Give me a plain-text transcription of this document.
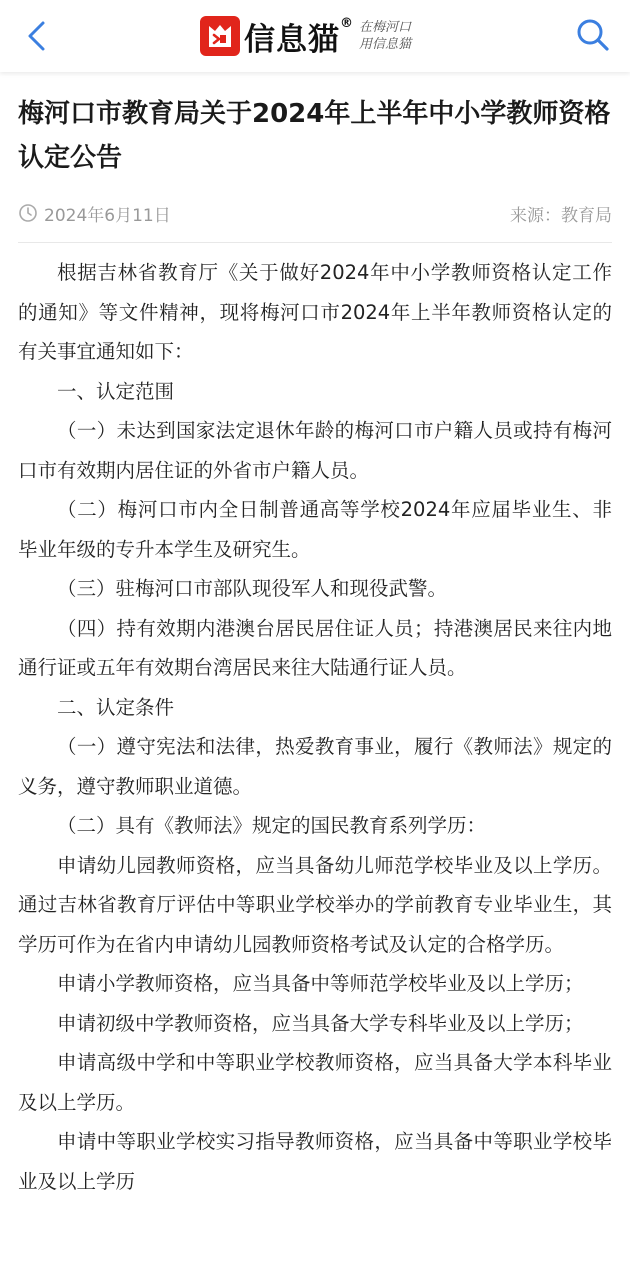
信息猫 ® 在梅河口
用信息猫
梅河口市教育局关于2024年上半年中小学教师资格认定公告
2024年6月11日	来源： 教育局

根据吉林省教育厅《关于做好2024年中小学教师资格认定工作的通知》等文件精神，现将梅河口市2024年上半年教师资格认定的有关事宜通知如下：

一、认定范围

（一）未达到国家法定退休年龄的梅河口市户籍人员或持有梅河口市有效期内居住证的外省市户籍人员。

（二）梅河口市内全日制普通高等学校2024年应届毕业生、非毕业年级的专升本学生及研究生。

（三）驻梅河口市部队现役军人和现役武警。

（四）持有效期内港澳台居民居住证人员；持港澳居民来往内地通行证或五年有效期台湾居民来往大陆通行证人员。

二、认定条件

（一）遵守宪法和法律，热爱教育事业，履行《教师法》规定的义务，遵守教师职业道德。

（二）具有《教师法》规定的国民教育系列学历：

申请幼儿园教师资格，应当具备幼儿师范学校毕业及以上学历。通过吉林省教育厅评估中等职业学校举办的学前教育专业毕业生，其学历可作为在省内申请幼儿园教师资格考试及认定的合格学历。

申请小学教师资格，应当具备中等师范学校毕业及以上学历；

申请初级中学教师资格，应当具备大学专科毕业及以上学历；

申请高级中学和中等职业学校教师资格，应当具备大学本科毕业及以上学历。

申请中等职业学校实习指导教师资格，应当具备中等职业学校毕业及以上学历
